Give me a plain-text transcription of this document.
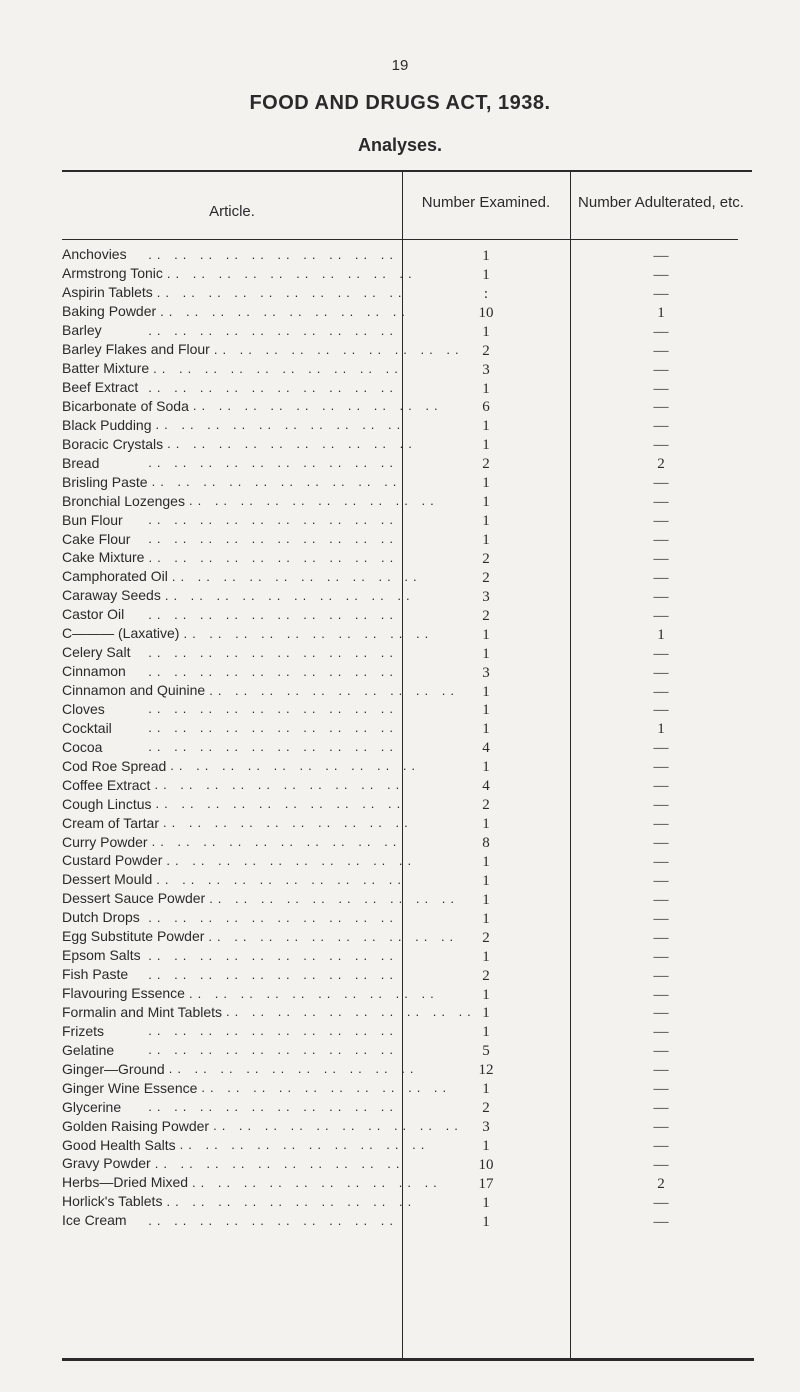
19
FOOD AND DRUGS ACT, 1938.
Analyses.
Article.
Number Examined.	Number Adulterated, etc.
Anchovies	.. .. .. .. .. .. .. .. .. ..	1	—
Armstrong Tonic .. .. .. .. .. .. .. .. .. ..	1	—
Aspirin Tablets .. .. .. .. .. .. .. .. .. ..	:	—
Baking Powder .. .. .. .. .. .. .. .. .. ..	10	1
Barley	.. .. .. .. .. .. .. .. .. ..	1	—
Barley Flakes and Flour .. .. .. .. .. .. .. .. .. ..	2	—
Batter Mixture .. .. .. .. .. .. .. .. .. ..	3	—
Beef Extract .. .. .. .. .. .. .. .. .. ..	1	—
Bicarbonate of Soda .. .. .. .. .. .. .. .. .. ..	6	—
Black Pudding .. .. .. .. .. .. .. .. .. ..	1	—
Boracic Crystals .. .. .. .. .. .. .. .. .. ..	1	—
Bread	.. .. .. .. .. .. .. .. .. ..	2	2
Brisling Paste .. .. .. .. .. .. .. .. .. ..	1	—
Bronchial Lozenges .. .. .. .. .. .. .. .. .. ..	1	—
Bun Flour	.. .. .. .. .. .. .. .. .. ..	1	—
Cake Flour	.. .. .. .. .. .. .. .. .. ..	1	—
Cake Mixture .. .. .. .. .. .. .. .. .. ..	2	—
Camphorated Oil .. .. .. .. .. .. .. .. .. ..	2	—
Caraway Seeds .. .. .. .. .. .. .. .. .. ..	3	—
Castor Oil	.. .. .. .. .. .. .. .. .. ..	2	—
C——— (Laxative) .. .. .. .. .. .. .. .. .. ..	1	1
Celery Salt	.. .. .. .. .. .. .. .. .. ..	1	—
Cinnamon	.. .. .. .. .. .. .. .. .. ..	3	—
Cinnamon and Quinine .. .. .. .. .. .. .. .. .. ..	1	—
Cloves	.. .. .. .. .. .. .. .. .. ..	1	—
Cocktail	.. .. .. .. .. .. .. .. .. ..	1	1
Cocoa	.. .. .. .. .. .. .. .. .. ..	4	—
Cod Roe Spread .. .. .. .. .. .. .. .. .. ..	1	—
Coffee Extract .. .. .. .. .. .. .. .. .. ..	4	—
Cough Linctus .. .. .. .. .. .. .. .. .. ..	2	—
Cream of Tartar .. .. .. .. .. .. .. .. .. ..	1	—
Curry Powder .. .. .. .. .. .. .. .. .. ..	8	—
Custard Powder .. .. .. .. .. .. .. .. .. ..	1	—
Dessert Mould .. .. .. .. .. .. .. .. .. ..	1	—
Dessert Sauce Powder .. .. .. .. .. .. .. .. .. ..	1	—
Dutch Drops .. .. .. .. .. .. .. .. .. ..	1	—
Egg Substitute Powder .. .. .. .. .. .. .. .. .. ..	2	—
Epsom Salts .. .. .. .. .. .. .. .. .. ..	1	—
Fish Paste	.. .. .. .. .. .. .. .. .. ..	2	—
Flavouring Essence .. .. .. .. .. .. .. .. .. ..	1	—
Formalin and Mint Tablets .. .. .. .. .. .. .. .. .. .. 1	—
Frizets	.. .. .. .. .. .. .. .. .. ..	1	—
Gelatine	.. .. .. .. .. .. .. .. .. ..	5	—
Ginger—Ground .. .. .. .. .. .. .. .. .. ..	12	—
Ginger Wine Essence .. .. .. .. .. .. .. .. .. ..	1	—
Glycerine	.. .. .. .. .. .. .. .. .. ..	2	—
Golden Raising Powder .. .. .. .. .. .. .. .. .. ..	3	—
Good Health Salts .. .. .. .. .. .. .. .. .. ..	1	—
Gravy Powder .. .. .. .. .. .. .. .. .. ..	10	—
Herbs—Dried Mixed .. .. .. .. .. .. .. .. .. ..	17	2
Horlick's Tablets .. .. .. .. .. .. .. .. .. ..	1	—
Ice Cream	.. .. .. .. .. .. .. .. .. ..	1	—
